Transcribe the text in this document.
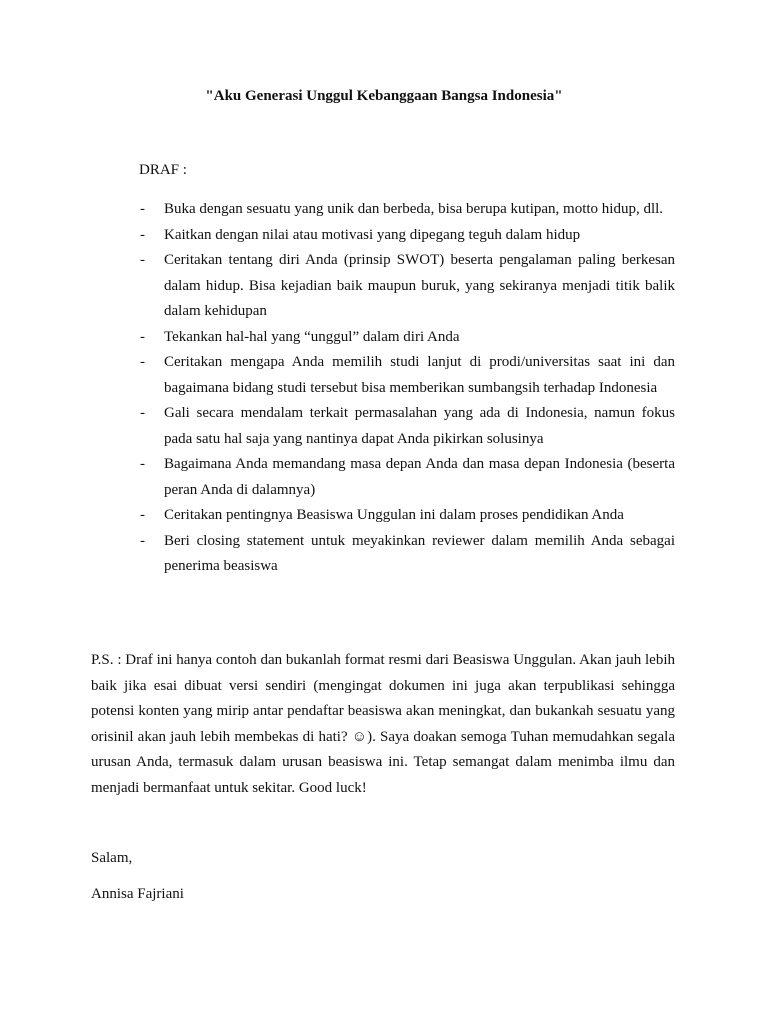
"Aku Generasi Unggul Kebanggaan Bangsa Indonesia"
DRAF :
- Buka dengan sesuatu yang unik dan berbeda, bisa berupa kutipan, motto hidup, dll.
- Kaitkan dengan nilai atau motivasi yang dipegang teguh dalam hidup
- Ceritakan tentang diri Anda (prinsip SWOT) beserta pengalaman paling berkesan dalam hidup. Bisa kejadian baik maupun buruk, yang sekiranya menjadi titik balik dalam kehidupan
- Tekankan hal-hal yang “unggul” dalam diri Anda
- Ceritakan mengapa Anda memilih studi lanjut di prodi/universitas saat ini dan bagaimana bidang studi tersebut bisa memberikan sumbangsih terhadap Indonesia
- Gali secara mendalam terkait permasalahan yang ada di Indonesia, namun fokus pada satu hal saja yang nantinya dapat Anda pikirkan solusinya
- Bagaimana Anda memandang masa depan Anda dan masa depan Indonesia (beserta peran Anda di dalamnya)
- Ceritakan pentingnya Beasiswa Unggulan ini dalam proses pendidikan Anda
- Beri closing statement untuk meyakinkan reviewer dalam memilih Anda sebagai penerima beasiswa

P.S. : Draf ini hanya contoh dan bukanlah format resmi dari Beasiswa Unggulan. Akan jauh lebih baik jika esai dibuat versi sendiri (mengingat dokumen ini juga akan terpublikasi sehingga potensi konten yang mirip antar pendaftar beasiswa akan meningkat, dan bukankah sesuatu yang orisinil akan jauh lebih membekas di hati? ☺). Saya doakan semoga Tuhan memudahkan segala urusan Anda, termasuk dalam urusan beasiswa ini. Tetap semangat dalam menimba ilmu dan menjadi bermanfaat untuk sekitar. Good luck!

Salam,
Annisa Fajriani
